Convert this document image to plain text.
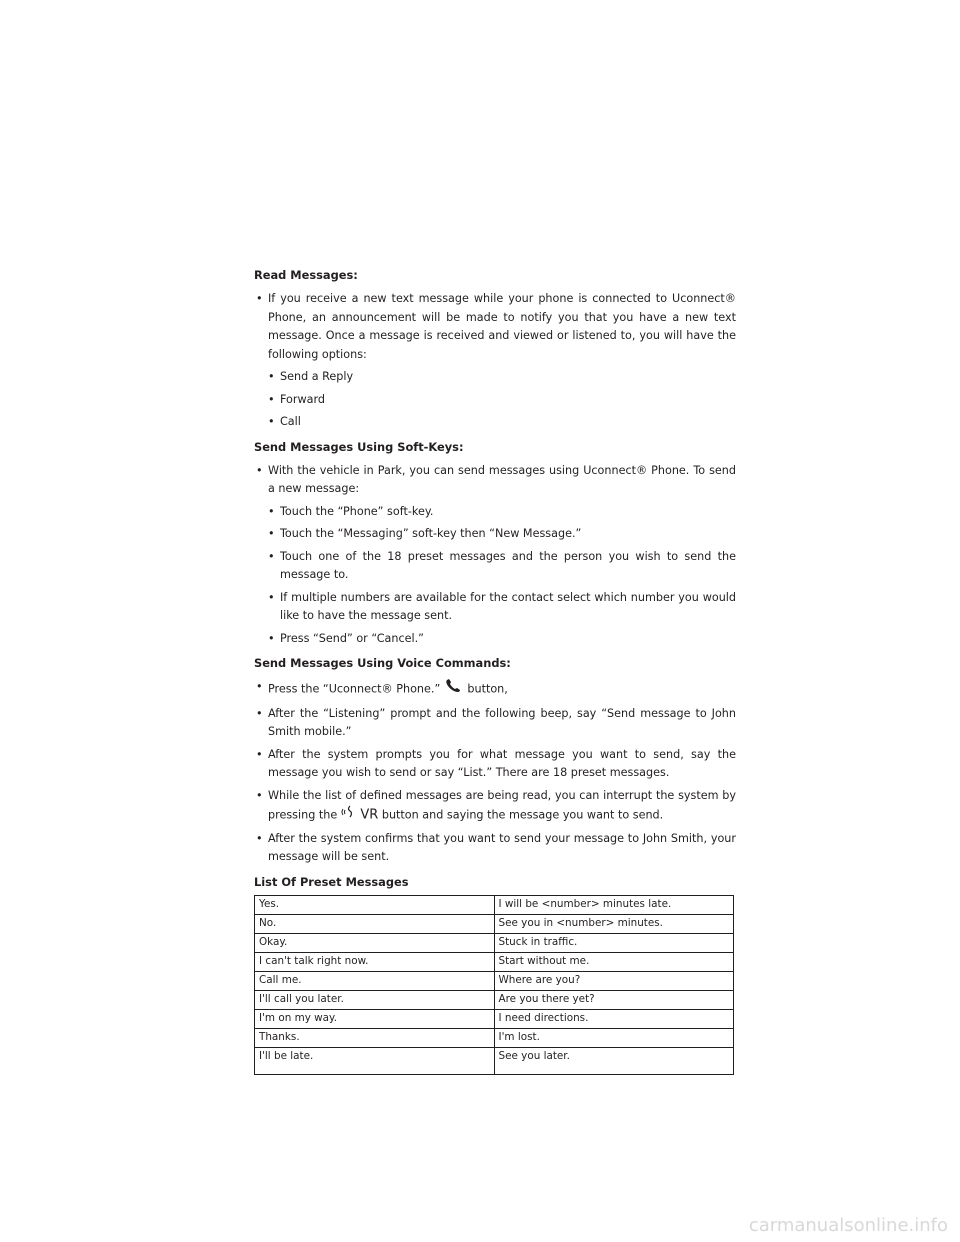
Read Messages:

• If you receive a new text message while your phone is connected to Uconnect® Phone, an announcement will be made to notify you that you have a new text message. Once a message is received and viewed or listened to, you will have the following options:
• Send a Reply
• Forward
• Call

Send Messages Using Soft-Keys:

• With the vehicle in Park, you can send messages using Uconnect® Phone. To send a new message:
• Touch the “Phone” soft-key.
• Touch the “Messaging” soft-key then “New Message.”
• Touch one of the 18 preset messages and the person you wish to send the message to.
• If multiple numbers are available for the contact select which number you would like to have the message sent.
• Press “Send” or “Cancel.”

Send Messages Using Voice Commands:

• Press the “Uconnect® Phone.” button,
• After the “Listening” prompt and the following beep, say “Send message to John Smith mobile.”
• After the system prompts you for what message you want to send, say the message you wish to send or say “List.” There are 18 preset messages.
• While the list of defined messages are being read, you can interrupt the system by pressing the VR button and saying the message you want to send.
• After the system confirms that you want to send your message to John Smith, your message will be sent.

List Of Preset Messages

Yes.	I will be <number> minutes late.
No.	See you in <number> minutes.
Okay.	Stuck in traffic.
I can't talk right now.	Start without me.
Call me.	Where are you?
I'll call you later.	Are you there yet?
I'm on my way.	I need directions.
Thanks.	I'm lost.
I'll be late.	See you later.
carmanualsonline.info
